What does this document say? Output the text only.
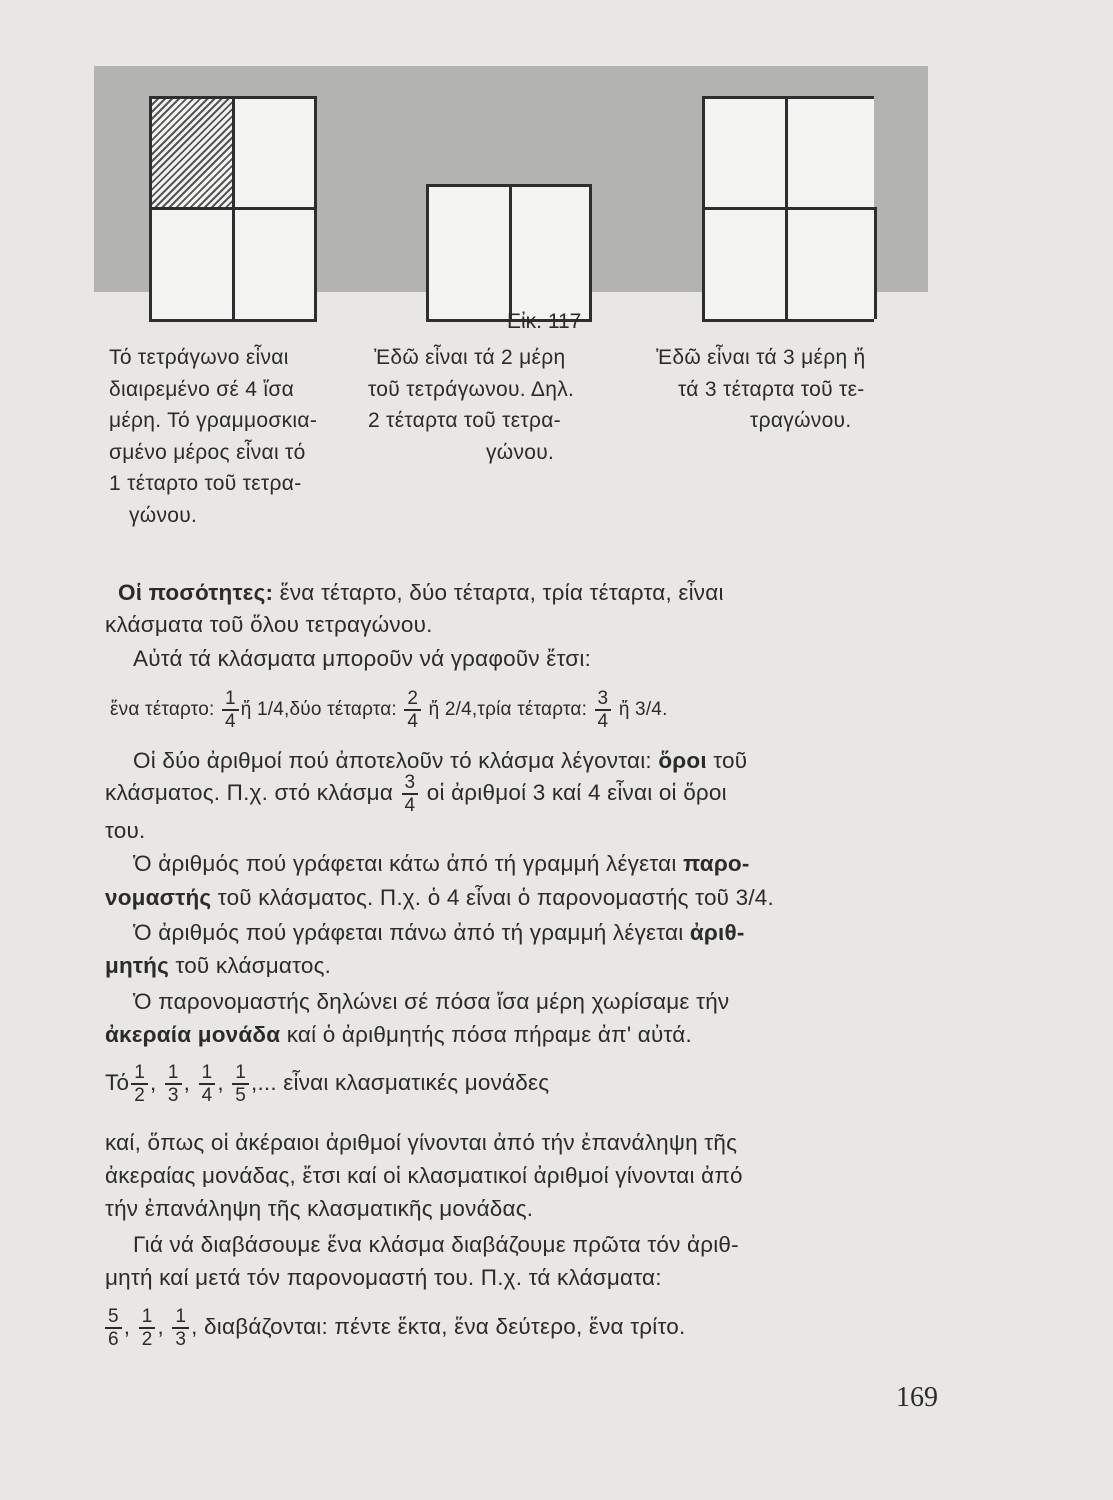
Εἰκ. 117
Τό τετράγωνο εἶναι
διαιρεμένο σέ 4 ἴσα
μέρη. Τό γραμμοσκια-
σμένο μέρος εἶναι τό
1 τέταρτο τοῦ τετρα-
γώνου.
Ἐδῶ εἶναι τά 2 μέρη
τοῦ τετράγωνου. Δηλ.
2 τέταρτα τοῦ τετρα-
γώνου.
Ἐδῶ εἶναι τά 3 μέρη ἤ
τά 3 τέταρτα τοῦ τε-
τραγώνου.
Οἱ ποσότητες: ἕνα τέταρτο, δύο τέταρτα, τρία τέταρτα, εἶναι
κλάσματα τοῦ ὅλου τετραγώνου.
Αὐτά τά κλάσματα μποροῦν νά γραφοῦν ἔτσι:
ἕνα τέταρτο: $\frac{1}{4}$ ἤ 1/4,δύο τέταρτα: $\frac{2}{4}$ ἤ 2/4,τρία τέταρτα: $\frac{3}{4}$ ἤ 3/4.
Οἱ δύο ἀριθμοί πού ἀποτελοῦν τό κλάσμα λέγονται: ὅροι τοῦ
κλάσματος. Π.χ. στό κλάσμα $\frac{3}{4}$ οἱ ἀριθμοί 3 καί 4 εἶναι οἱ ὅροι
του.
Ὁ ἀριθμός πού γράφεται κάτω ἀπό τή γραμμή λέγεται παρο-
νομαστής τοῦ κλάσματος. Π.χ. ὁ 4 εἶναι ὁ παρονομαστής τοῦ 3/4.
Ὁ ἀριθμός πού γράφεται πάνω ἀπό τή γραμμή λέγεται ἀριθ-
μητής τοῦ κλάσματος.
Ὁ παρονομαστής δηλώνει σέ πόσα ἴσα μέρη χωρίσαμε τήν
ἀκεραία μονάδα καί ὁ ἀριθμητής πόσα πήραμε ἀπ' αὐτά.
Τό $\frac{1}{2}$ , $\frac{1}{3}$ , $\frac{1}{4}$ , $\frac{1}{5}$ ,... εἶναι κλασματικές μονάδες
καί, ὅπως οἱ ἀκέραιοι ἀριθμοί γίνονται ἀπό τήν ἐπανάληψη τῆς
ἀκεραίας μονάδας, ἔτσι καί οἱ κλασματικοί ἀριθμοί γίνονται ἀπό
τήν ἐπανάληψη τῆς κλασματικῆς μονάδας.
Γιά νά διαβάσουμε ἕνα κλάσμα διαβάζουμε πρῶτα τόν ἀριθ-
μητή καί μετά τόν παρονομαστή του. Π.χ. τά κλάσματα:
$\frac{5}{6}$ , $\frac{1}{2}$ , $\frac{1}{3}$ , διαβάζονται: πέντε ἕκτα, ἕνα δεύτερο, ἕνα τρίτο.
169
